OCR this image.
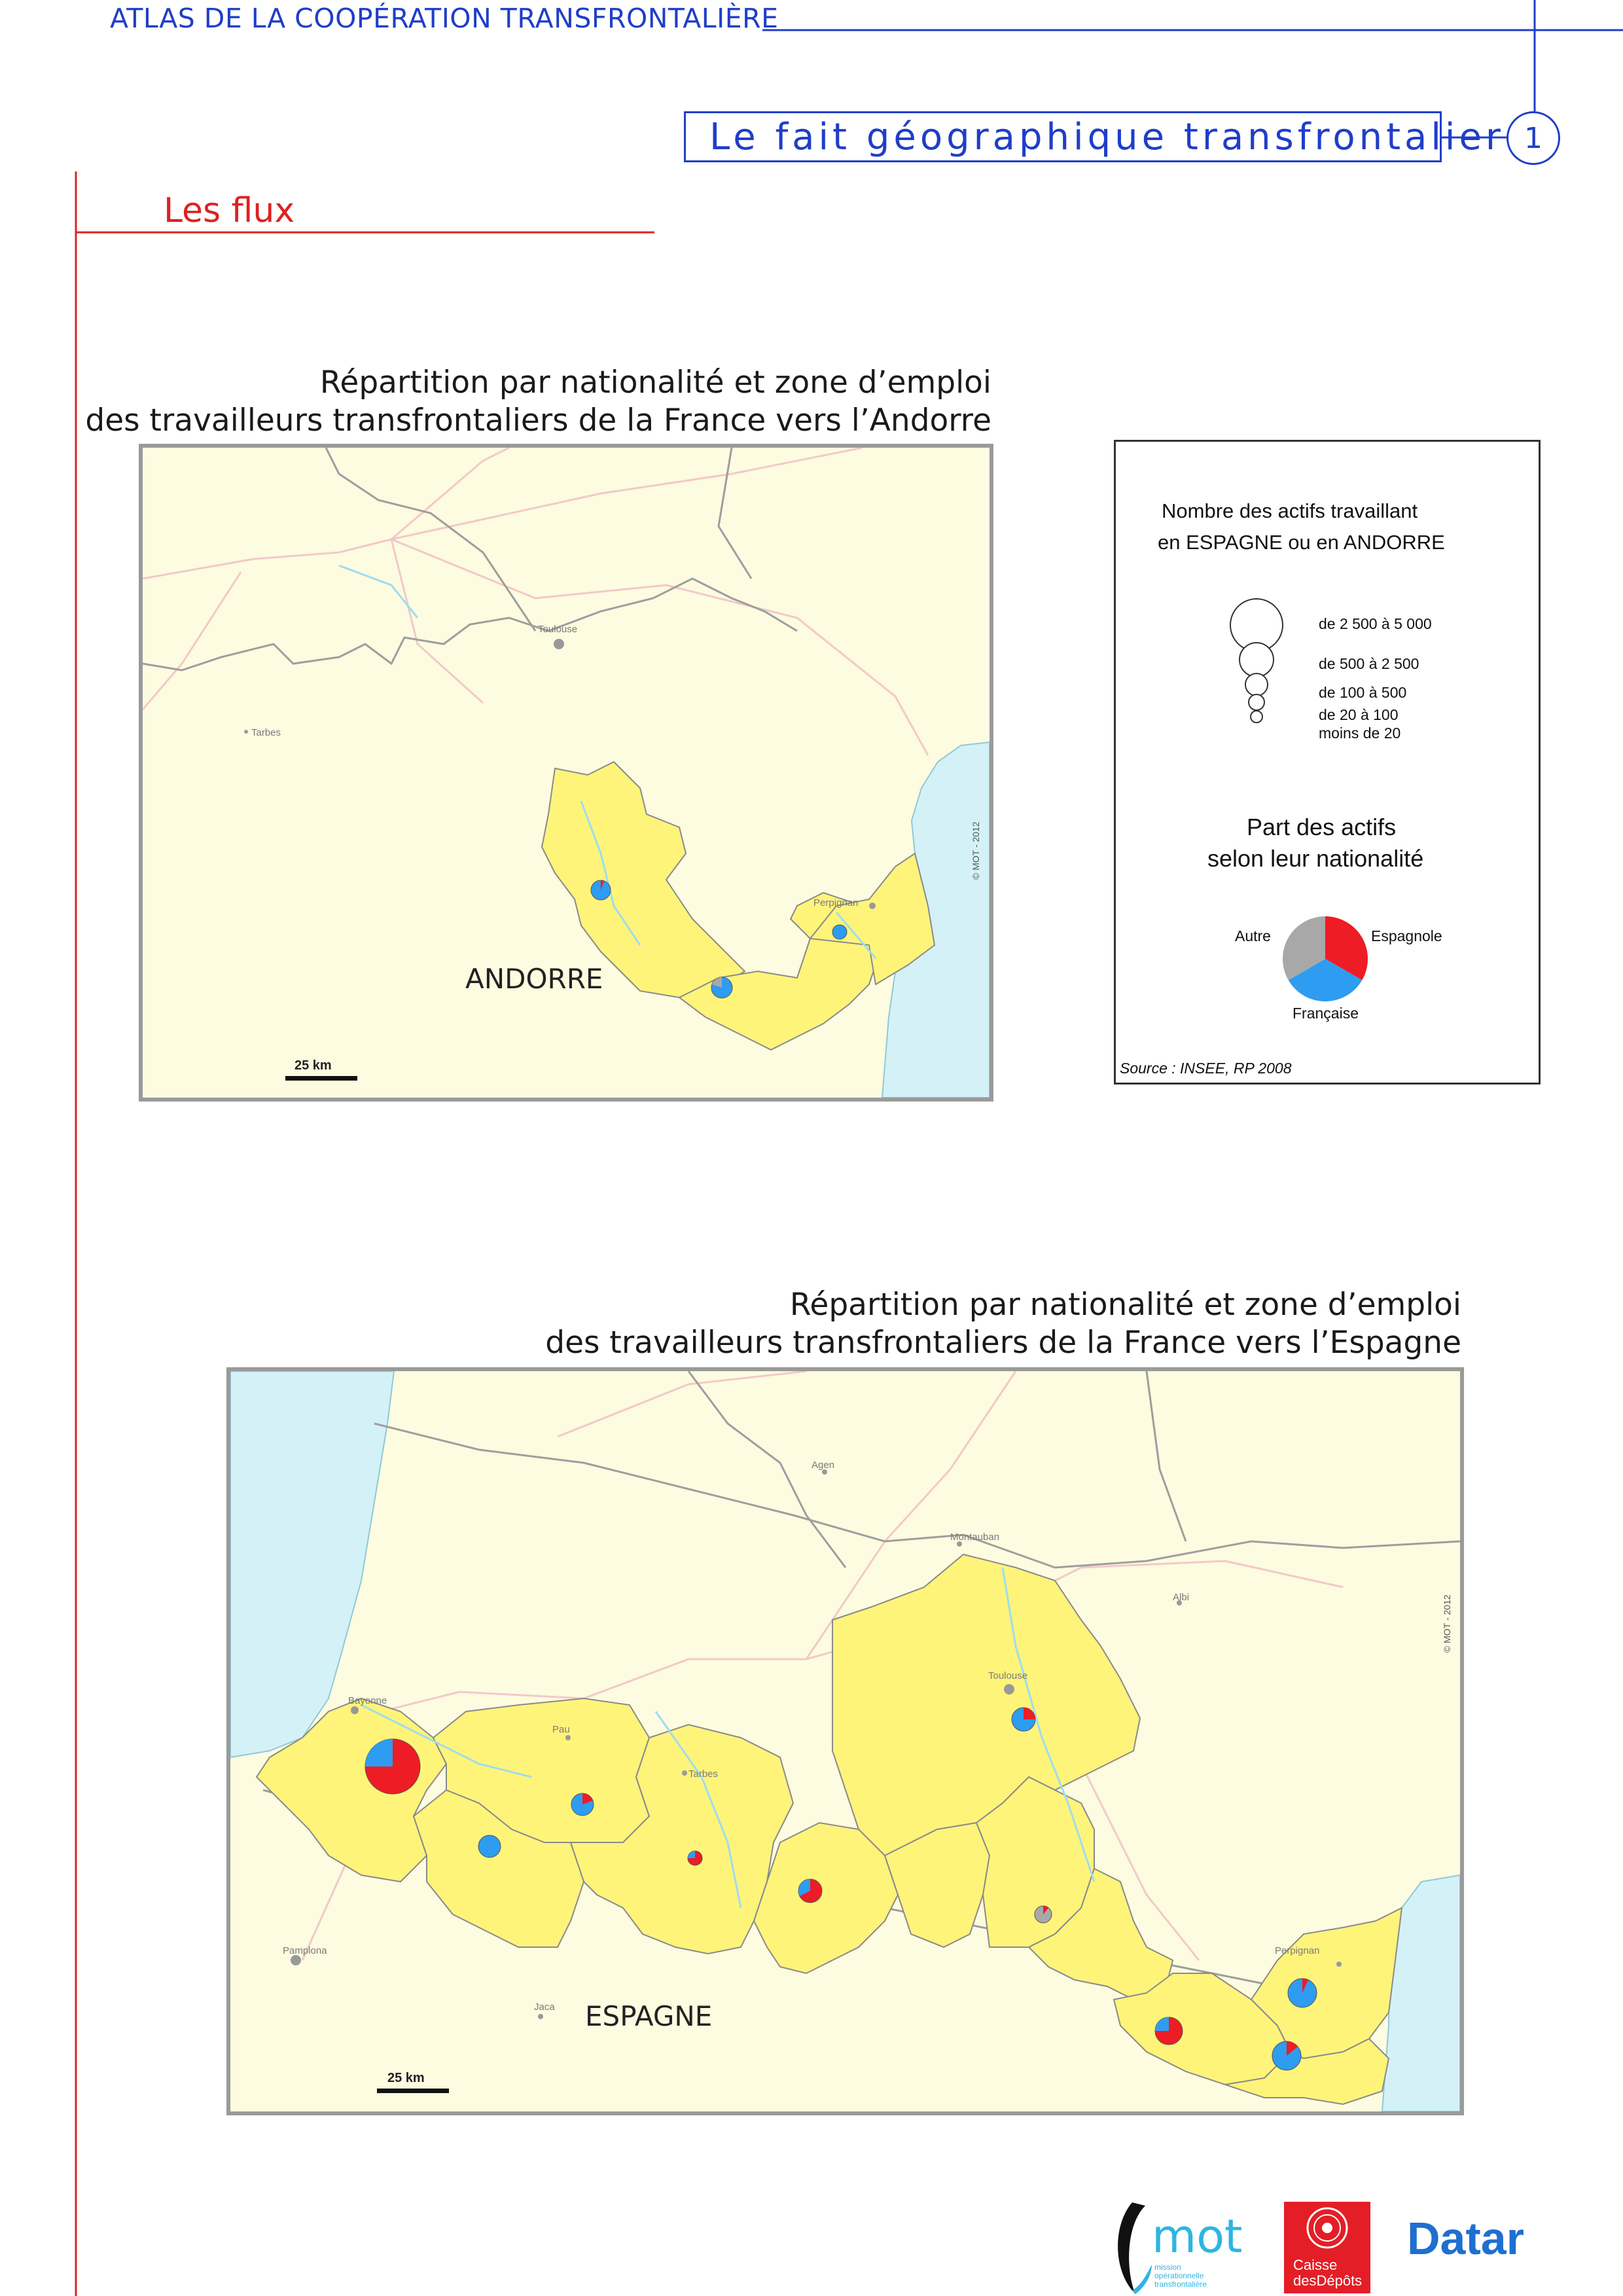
ATLAS DE LA COOPÉRATION TRANSFRONTALIÈRE
Le fait géographique transfrontalier 1
Les flux
Répartition par nationalité et zone d’emploi
des travailleurs transfrontaliers de la France vers l’Andorre
Toulouse
Tarbes
Perpignan
ANDORRE
25 km
© MOT - 2012
Nombre des actifs travaillant
en ESPAGNE ou en ANDORRE
de 2 500 à 5 000
de 500 à 2 500
de 100 à 500
de 20 à 100
moins de 20
Part des actifs
selon leur nationalité
Autre	Espagnole
Française
Source : INSEE, RP 2008
Répartition par nationalité et zone d’emploi
des travailleurs transfrontaliers de la France vers l’Espagne
Agen
Montauban
Albi
Toulouse
Bayonne
Pau
Tarbes
Perpignan
Pamplona
Jaca ESPAGNE
25 km
© MOT - 2012
mot
mission
opérationnelle
transfrontalière
Caisse
desDépôts
Datar
